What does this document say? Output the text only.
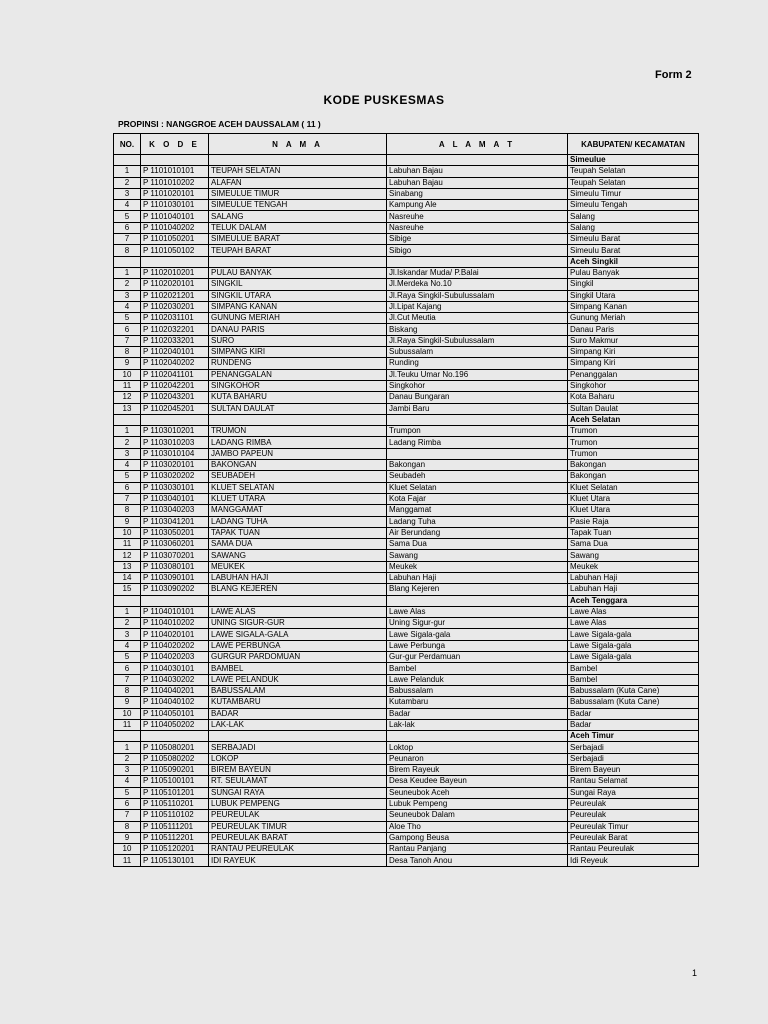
Form 2
KODE PUSKESMAS
PROPINSI : NANGGROE ACEH DAUSSALAM ( 11 )
NO.	K O D E	N A M A	A L A M A T	KABUPATEN/ KECAMATAN
				Simeulue
1	P 1101010101	TEUPAH SELATAN	Labuhan Bajau	Teupah Selatan
2	P 1101010202	ALAFAN	Labuhan Bajau	Teupah Selatan
3	P 1101020101	SIMEULUE TIMUR	Sinabang	Simeulu Timur
4	P 1101030101	SIMEULUE TENGAH	Kampung Ale	Simeulu Tengah
5	P 1101040101	SALANG	Nasreuhe	Salang
6	P 1101040202	TELUK DALAM	Nasreuhe	Salang
7	P 1101050201	SIMEULUE BARAT	Sibige	Simeulu Barat
8	P 1101050102	TEUPAH BARAT	Sibigo	Simeulu Barat
				Aceh Singkil
1	P 1102010201	PULAU BANYAK	Jl.Iskandar Muda/ P.Balai	Pulau Banyak
2	P 1102020101	SINGKIL	Jl.Merdeka No.10	Singkil
3	P 1102021201	SINGKIL UTARA	Jl.Raya Singkil-Subulussalam	Singkil Utara
4	P 1102030201	SIMPANG KANAN	Jl.Lipat Kajang	Simpang Kanan
5	P 1102031101	GUNUNG MERIAH	Jl.Cut Meutia	Gunung Meriah
6	P 1102032201	DANAU PARIS	Biskang	Danau Paris
7	P 1102033201	SURO	Jl.Raya Singkil-Subulussalam	Suro Makmur
8	P 1102040101	SIMPANG KIRI	Subussalam	Simpang Kiri
9	P 1102040202	RUNDENG	Runding	Simpang Kiri
10	P 1102041101	PENANGGALAN	Jl.Teuku Umar No.196	Penanggalan
11	P 1102042201	SINGKOHOR	Singkohor	Singkohor
12	P 1102043201	KUTA BAHARU	Danau Bungaran	Kota Baharu
13	P 1102045201	SULTAN DAULAT	Jambi Baru	Sultan Daulat
				Aceh Selatan
1	P 1103010201	TRUMON	Trumpon	Trumon
2	P 1103010203	LADANG RIMBA	Ladang Rimba	Trumon
3	P 1103010104	JAMBO PAPEUN		Trumon
4	P 1103020101	BAKONGAN	Bakongan	Bakongan
5	P 1103020202	SEUBADEH	Seubadeh	Bakongan
6	P 1103030101	KLUET SELATAN	Kluet Selatan	Kluet Selatan
7	P 1103040101	KLUET UTARA	Kota Fajar	Kluet Utara
8	P 1103040203	MANGGAMAT	Manggamat	Kluet Utara
9	P 1103041201	LADANG TUHA	Ladang Tuha	Pasie Raja
10	P 1103050201	TAPAK TUAN	Air Berundang	Tapak Tuan
11	P 1103060201	SAMA DUA	Sama Dua	Sama Dua
12	P 1103070201	SAWANG	Sawang	Sawang
13	P 1103080101	MEUKEK	Meukek	Meukek
14	P 1103090101	LABUHAN HAJI	Labuhan Haji	Labuhan Haji
15	P 1103090202	BLANG KEJEREN	Blang Kejeren	Labuhan Haji
				Aceh Tenggara
1	P 1104010101	LAWE ALAS	Lawe Alas	Lawe Alas
2	P 1104010202	UNING SIGUR-GUR	Uning Sigur-gur	Lawe Alas
3	P 1104020101	LAWE SIGALA-GALA	Lawe Sigala-gala	Lawe Sigala-gala
4	P 1104020202	LAWE PERBUNGA	Lawe Perbunga	Lawe Sigala-gala
5	P 1104020203	GURGUR PARDOMUAN	Gur-gur Perdamuan	Lawe Sigala-gala
6	P 1104030101	BAMBEL	Bambel	Bambel
7	P 1104030202	LAWE PELANDUK	Lawe Pelanduk	Bambel
8	P 1104040201	BABUSSALAM	Babussalam	Babussalam (Kuta Cane)
9	P 1104040102	KUTAMBARU	Kutambaru	Babussalam (Kuta Cane)
10	P 1104050101	BADAR	Badar	Badar
11	P 1104050202	LAK-LAK	Lak-lak	Badar
				Aceh Timur
1	P 1105080201	SERBAJADI	Loktop	Serbajadi
2	P 1105080202	LOKOP	Peunaron	Serbajadi
3	P 1105090201	BIREM BAYEUN	Birem Rayeuk	Birem Bayeun
4	P 1105100101	RT. SEULAMAT	Desa Keudee Bayeun	Rantau Selamat
5	P 1105101201	SUNGAI RAYA	Seuneubok Aceh	Sungai Raya
6	P 1105110201	LUBUK PEMPENG	Lubuk Pempeng	Peureulak
7	P 1105110102	PEUREULAK	Seuneubok Dalam	Peureulak
8	P 1105111201	PEUREULAK TIMUR	Aloe Tho	Peureulak Timur
9	P 1105112201	PEUREULAK BARAT	Gampong Beusa	Peureulak Barat
10	P 1105120201	RANTAU PEUREULAK	Rantau Panjang	Rantau Peureulak
11	P 1105130101	IDI RAYEUK	Desa Tanoh Anou	Idi Reyeuk
1
